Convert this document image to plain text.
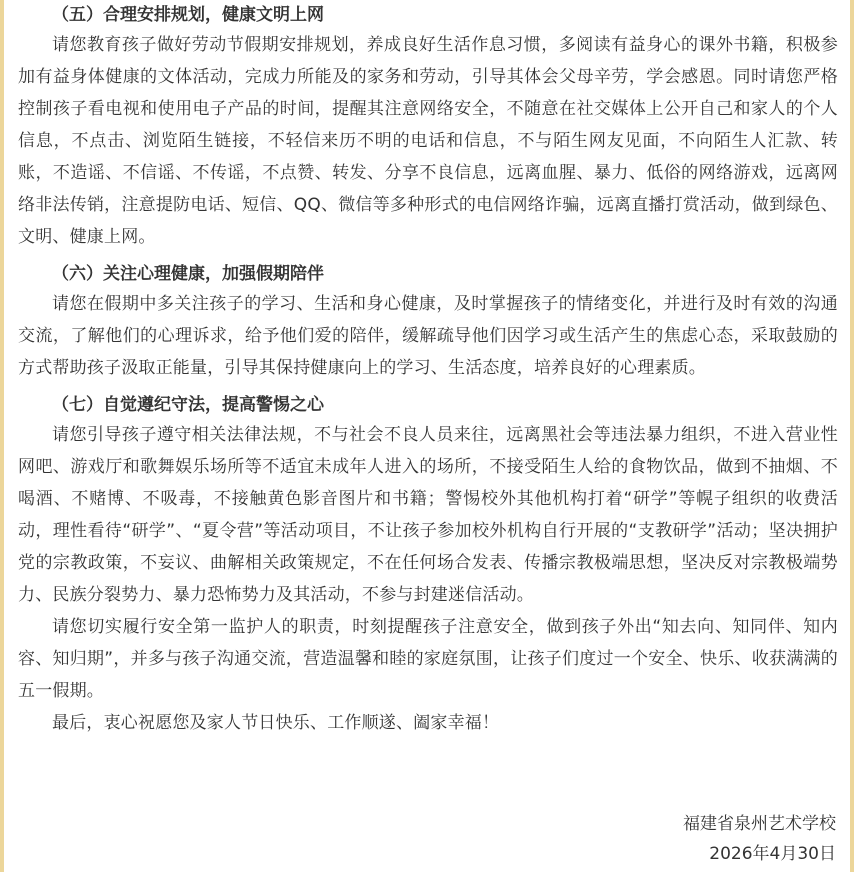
（五）合理安排规划，健康文明上网

请您教育孩子做好劳动节假期安排规划，养成良好生活作息习惯，多阅读有益身心的课外书籍，积极参加有益身体健康的文体活动，完成力所能及的家务和劳动，引导其体会父母辛劳，学会感恩。同时请您严格控制孩子看电视和使用电子产品的时间，提醒其注意网络安全，不随意在社交媒体上公开自己和家人的个人信息，不点击、浏览陌生链接，不轻信来历不明的电话和信息，不与陌生网友见面，不向陌生人汇款、转账，不造谣、不信谣、不传谣，不点赞、转发、分享不良信息，远离血腥、暴力、低俗的网络游戏，远离网络非法传销，注意提防电话、短信、QQ、微信等多种形式的电信网络诈骗，远离直播打赏活动，做到绿色、文明、健康上网。

（六）关注心理健康，加强假期陪伴

请您在假期中多关注孩子的学习、生活和身心健康，及时掌握孩子的情绪变化，并进行及时有效的沟通交流，了解他们的心理诉求，给予他们爱的陪伴，缓解疏导他们因学习或生活产生的焦虑心态，采取鼓励的方式帮助孩子汲取正能量，引导其保持健康向上的学习、生活态度，培养良好的心理素质。

（七）自觉遵纪守法，提高警惕之心

请您引导孩子遵守相关法律法规，不与社会不良人员来往，远离黑社会等违法暴力组织，不进入营业性网吧、游戏厅和歌舞娱乐场所等不适宜未成年人进入的场所，不接受陌生人给的食物饮品，做到不抽烟、不喝酒、不赌博、不吸毒，不接触黄色影音图片和书籍；警惕校外其他机构打着“研学”等幌子组织的收费活动，理性看待“研学”、“夏令营”等活动项目，不让孩子参加校外机构自行开展的“支教研学”活动；坚决拥护党的宗教政策，不妄议、曲解相关政策规定，不在任何场合发表、传播宗教极端思想，坚决反对宗教极端势力、民族分裂势力、暴力恐怖势力及其活动，不参与封建迷信活动。

请您切实履行安全第一监护人的职责，时刻提醒孩子注意安全，做到孩子外出“知去向、知同伴、知内容、知归期”，并多与孩子沟通交流，营造温馨和睦的家庭氛围，让孩子们度过一个安全、快乐、收获满满的五一假期。

最后，衷心祝愿您及家人节日快乐、工作顺遂、阖家幸福！

福建省泉州艺术学校
2026年4月30日
